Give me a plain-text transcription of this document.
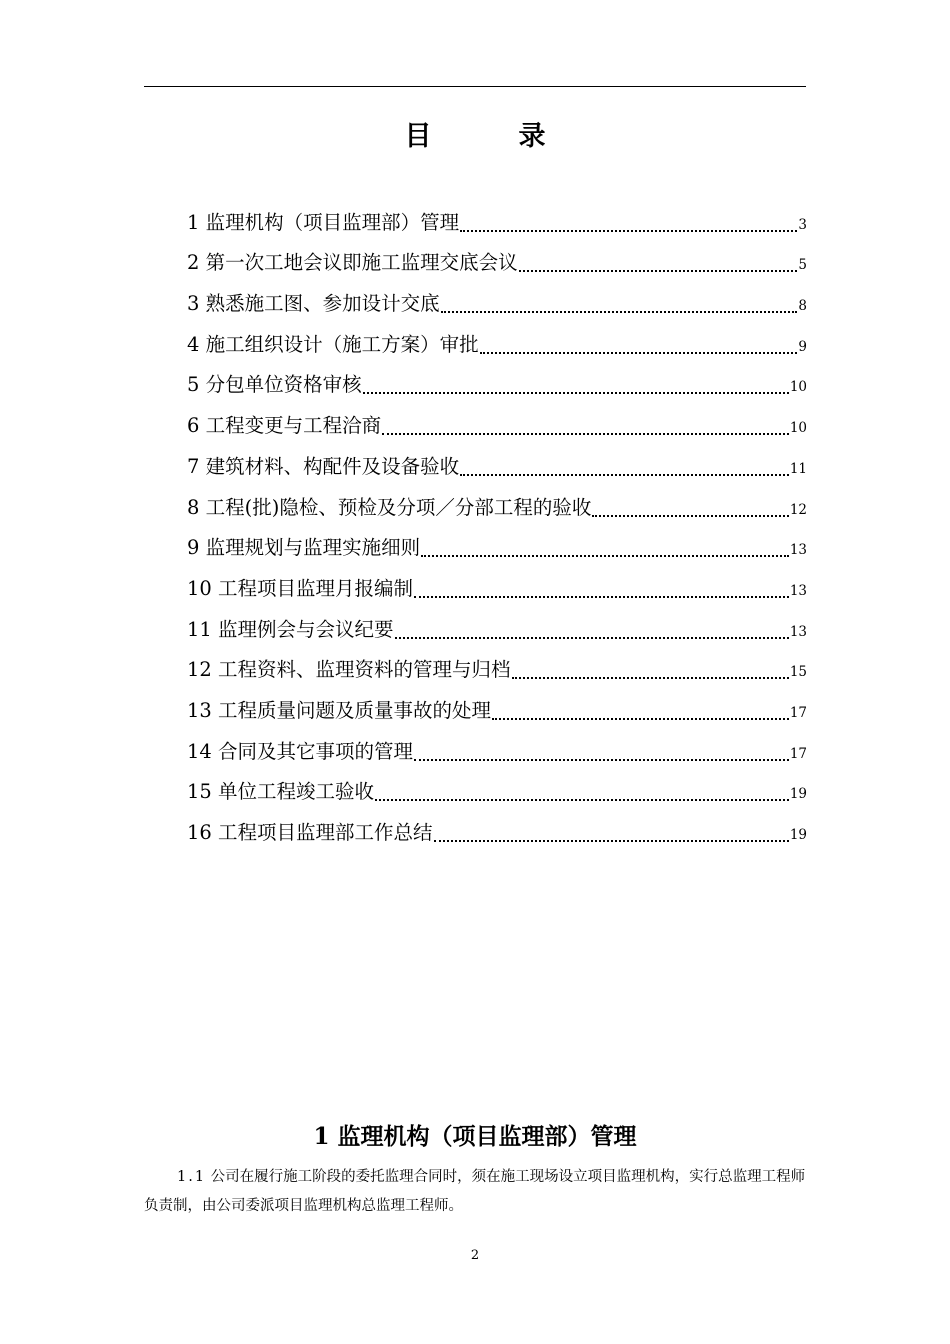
目　录
1 监理机构（项目监理部）管理	3
2 第一次工地会议即施工监理交底会议	5
3 熟悉施工图、参加设计交底	8
4 施工组织设计（施工方案）审批	9
5 分包单位资格审核	10
6 工程变更与工程洽商	10
7 建筑材料、构配件及设备验收	11
8 工程(批)隐检、预检及分项／分部工程的验收	12
9 监理规划与监理实施细则	13
10 工程项目监理月报编制	13
11 监理例会与会议纪要	13
12 工程资料、监理资料的管理与归档	15
13 工程质量问题及质量事故的处理	17
14 合同及其它事项的管理	17
15 单位工程竣工验收	19
16 工程项目监理部工作总结	19
1 监理机构（项目监理部）管理
1.1 公司在履行施工阶段的委托监理合同时，须在施工现场设立项目监理机构，实行总监理工程师负责制，由公司委派项目监理机构总监理工程师。
2
